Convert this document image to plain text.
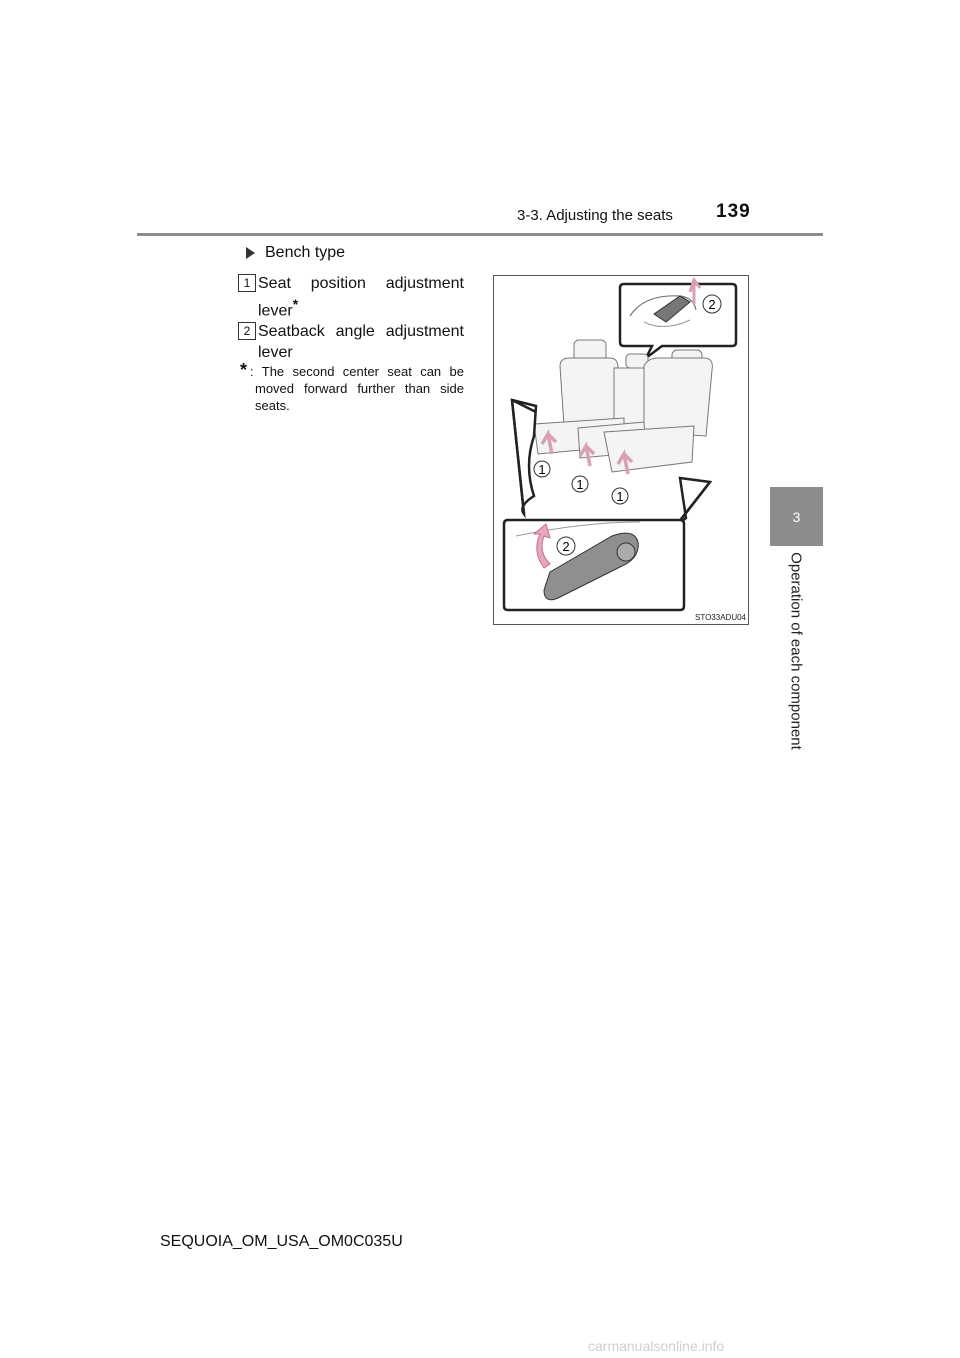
3-3. Adjusting the seats 139
3
Operation of each component
Bench type
1 Seat position adjustment
lever*
2 Seatback angle adjustment
lever
* : The second center seat can be
moved forward further than side
seats.
2
1
1
1
2
STO33ADU04
SEQUOIA_OM_USA_OM0C035U
carmanualsonline.info
